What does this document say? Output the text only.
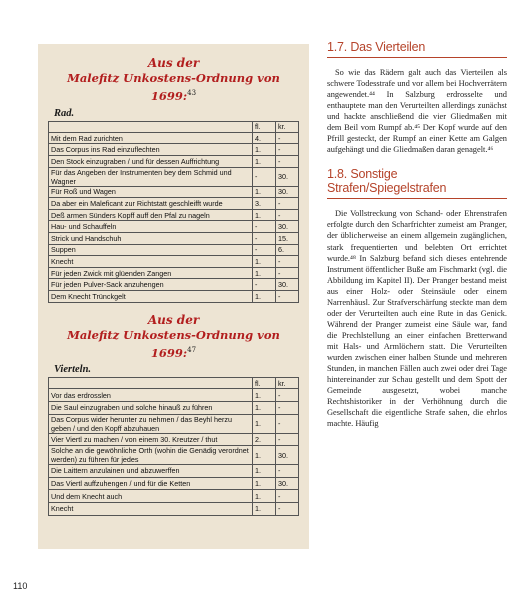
Aus der
Malefitz Unkostens-Ordnung von 1699:$^{43}$
Rad.
	fl.	kr.
Mit dem Rad zurichten	4.	-
Das Corpus ins Rad einzuflechten	1.	-
Den Stock einzugraben / und für dessen Auffrichtung	1.	-
Für das Angeben der Instrumenten bey dem Schmid und Wagner	-	30.
Für Roß und Wagen	1.	30.
Da aber ein Maleficant zur Richtstatt geschleifft wurde	3.	-
Deß armen Sünders Kopff auff den Pfal zu nageln	1.	-
Hau- und Schauffeln	-	30.
Strick und Handschuh	-	15.
Suppen	-	6.
Knecht	1.	-
Für jeden Zwick mit glüenden Zangen	1.	-
Für jeden Pulver-Sack anzuhengen	-	30.
Dem Knecht Trünckgelt	1.	-
Aus der
Malefitz Unkostens-Ordnung von 1699:$^{47}$
Vierteln.
	fl.	kr.
Vor das erdrosslen	1.	-
Die Saul einzugraben und solche hinauß zu führen	1.	-
Das Corpus wider herunter zu nehmen / das Beyhl herzu geben / und den Kopff abzuhauen	1.	-
Vier Viertl zu machen / von einem 30. Kreutzer / thut	2.	-
Solche an die gewöhnliche Orth (wohin die Genädig verordnet werden) zu führen für jedes	1.	30.
Die Laittern anzulainen und abzuwerffen	1.	-
Das Viertl auffzuhengen / und für die Ketten	1.	30.
Und dem Knecht auch	1.	-
Knecht	1.	-
1.7. Das Vierteilen

So wie das Rädern galt auch das Vierteilen als schwere Todesstrafe und vor allem bei Hochverrätern angewendet.⁴⁴ In Salzburg erdrosselte und enthauptete man den Verurteilten allerdings zunächst und hackte anschließend die vier Gliedmaßen mit dem Beil vom Rumpf ab.⁴⁵ Der Kopf wurde auf den Pfrill gesteckt, der Rumpf an einer Kette am Galgen aufgehängt und die Gliedmaßen daran genagelt.⁴⁶

1.8. Sonstige Strafen/Spiegelstrafen

Die Vollstreckung von Schand- oder Ehrenstrafen erfolgte durch den Scharfrichter zumeist am Pranger, der üblicherweise an einem allgemein zugänglichen, stark frequentierten und belebten Ort errichtet wurde.⁴⁸ In Salzburg befand sich dieses entehrende Instrument öffentlicher Buße am Fischmarkt (vgl. die Abbildung im Kapitel II). Der Pranger bestand meist aus einer Holz- oder Steinsäule oder einem Narrenhäusl. Zur Strafverschärfung steckte man dem oder der Verurteilten auch eine Rute in das Genick. Während der Pranger zumeist eine Säule war, fand die Prechlstellung an einer einfachen Bretterwand mit Hals- und Armlöchern statt. Die Verurteilten wurden zwischen einer halben Stunde und mehreren Stunden, in manchen Fällen auch zwei oder drei Tage hintereinander zur Schau gestellt und dem Spott der Gemeinde ausgesetzt, wobei manche Rechtshistoriker in der Verhöhnung durch die Gesellschaft die eigentliche Strafe sahen, die ehrlos machte. Häufig

110
